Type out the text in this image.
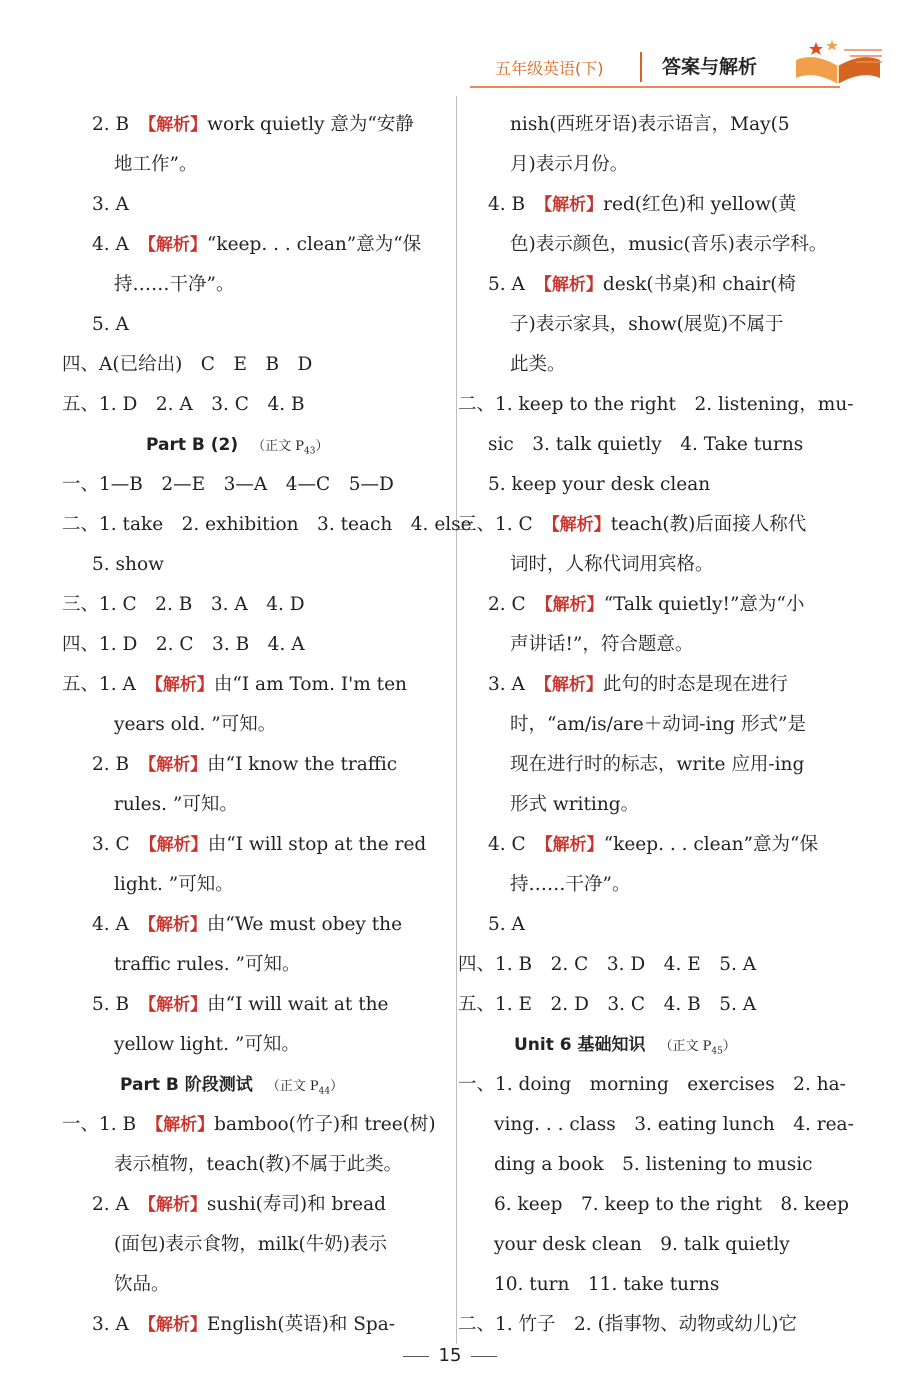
五年级英语(下)	答案与解析
2. B　【解析】work quietly 意为“安静
地工作”。
3. A
4. A　【解析】“keep. . . clean”意为“保
持……干净”。
5. A
四、A(已给出)　C　E　B　D
五、1. D　2. A　3. C　4. B
Part B (2) （正文 $P_{43}$）
一、1—B　2—E　3—A　4—C　5—D
二、1. take　2. exhibition　3. teach　4. else
5. show
三、1. C　2. B　3. A　4. D
四、1. D　2. C　3. B　4. A
五、1. A　【解析】由“I am Tom. I'm ten
years old. ”可知。
2. B　【解析】由“I know the traffic
rules. ”可知。
3. C　【解析】由“I will stop at the red
light. ”可知。
4. A　【解析】由“We must obey the
traffic rules. ”可知。
5. B　【解析】由“I will wait at the
yellow light. ”可知。
Part B 阶段测试 （正文 $P_{44}$）
一、1. B　【解析】bamboo(竹子)和 tree(树)
表示植物，teach(教)不属于此类。
2. A　【解析】sushi(寿司)和 bread
(面包)表示食物，milk(牛奶)表示
饮品。
3. A　【解析】English(英语)和 Spa-
nish(西班牙语)表示语言，May(5
月)表示月份。
4. B　【解析】red(红色)和 yellow(黄
色)表示颜色，music(音乐)表示学科。
5. A　【解析】desk(书桌)和 chair(椅
子)表示家具，show(展览)不属于
此类。
二、1. keep to the right　2. listening，mu-
sic　3. talk quietly　4. Take turns
5. keep your desk clean
三、1. C　【解析】teach(教)后面接人称代
词时，人称代词用宾格。
2. C　【解析】“Talk quietly!”意为“小
声讲话!”，符合题意。
3. A　【解析】此句的时态是现在进行
时，“am/is/are＋动词-ing 形式”是
现在进行时的标志，write 应用-ing
形式 writing。
4. C　【解析】“keep. . . clean”意为“保
持……干净”。
5. A
四、1. B　2. C　3. D　4. E　5. A
五、1. E　2. D　3. C　4. B　5. A
Unit 6 基础知识 （正文 $P_{45}$）
一、1. doing　morning　exercises　2. ha-
ving. . . class　3. eating lunch　4. rea-
ding a book　5. listening to music
6. keep　7. keep to the right　8. keep
your desk clean　9. talk quietly
10. turn　11. take turns
二、1. 竹子　2. (指事物、动物或幼儿)它
15
